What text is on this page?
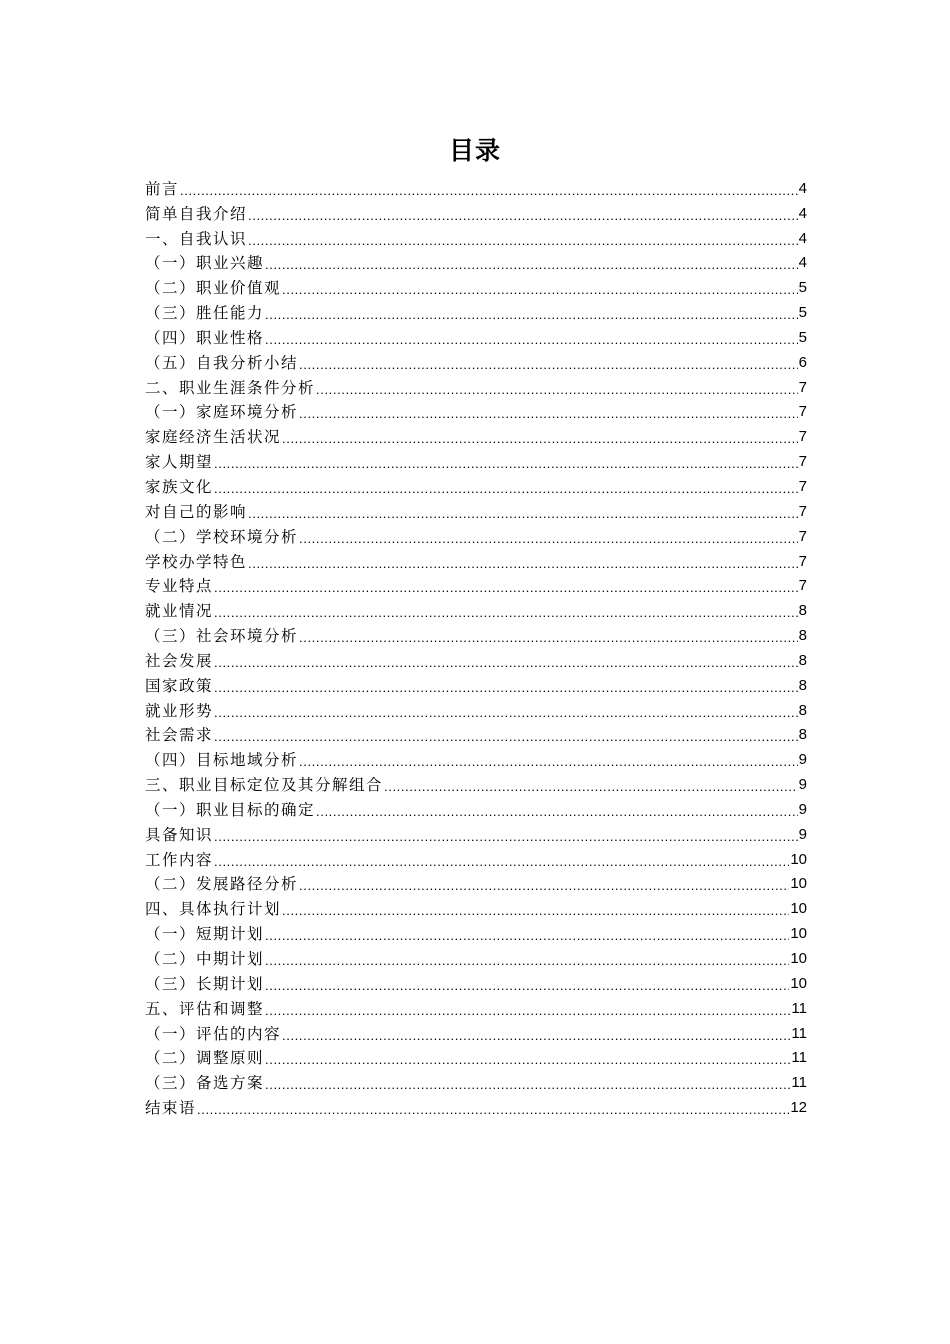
目录
前言 .....	4
简单自我介绍 .....	4
一、自我认识 .....	4
（一）职业兴趣 .....	4
（二）职业价值观 .....	5
（三）胜任能力 .....	5
（四）职业性格 .....	5
（五）自我分析小结 .....	6
二、职业生涯条件分析 .....	7
（一）家庭环境分析 .....	7
家庭经济生活状况 .....	7
家人期望 .....	7
家族文化 .....	7
对自己的影响 .....	7
（二）学校环境分析 .....	7
学校办学特色 .....	7
专业特点 .....	7
就业情况 .....	8
（三）社会环境分析 .....	8
社会发展 .....	8
国家政策 .....	8
就业形势 .....	8
社会需求 .....	8
（四）目标地域分析 .....	9
三、职业目标定位及其分解组合 .....	9
（一）职业目标的确定 .....	9
具备知识 .....	9
工作内容 .....	10
（二）发展路径分析 .....	10
四、具体执行计划 .....	10
（一）短期计划 .....	10
（二）中期计划 .....	10
（三）长期计划 .....	10
五、评估和调整 .....	11
（一）评估的内容 .....	11
（二）调整原则 .....	11
（三）备选方案 .....	11
结束语 .....	12
